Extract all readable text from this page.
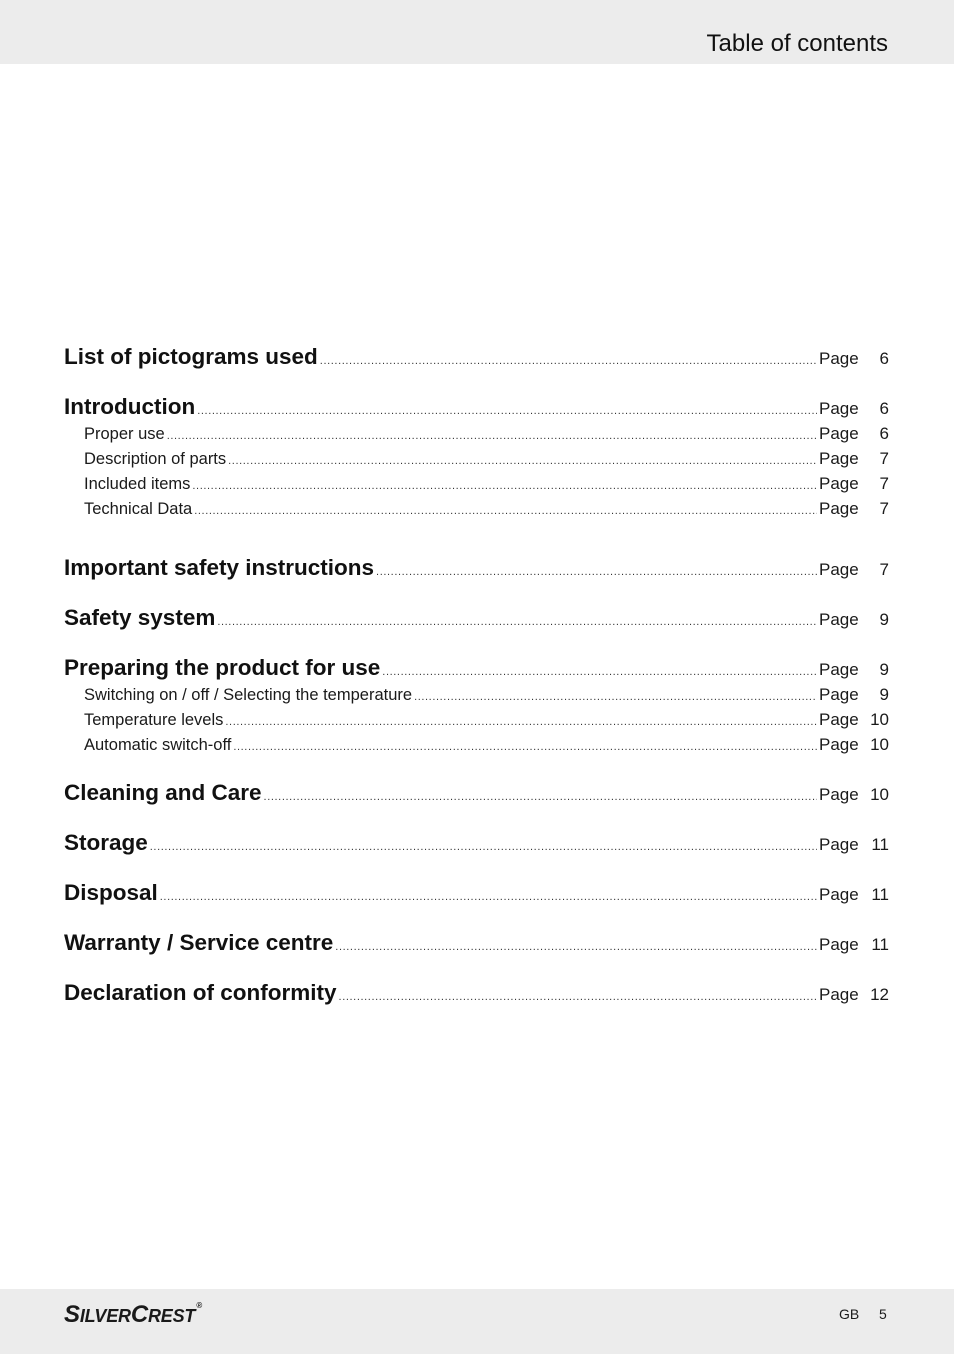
Table of contents
List of pictograms used .....	Page	6
Introduction .....	Page	6
Proper use .....	Page	6
Description of parts .....	Page	7
Included items .....	Page	7
Technical Data .....	Page	7
Important safety instructions .....	Page	7
Safety system .....	Page	9
Preparing the product for use .....	Page	9
Switching on / off / Selecting the temperature .....	Page	9
Temperature levels .....	Page 10
Automatic switch-off .....	Page 10
Cleaning and Care .....	Page 10
Storage .....	Page 11
Disposal .....	Page 11
Warranty / Service centre .....	Page 11
Declaration of conformity .....	Page 12
SILVERCREST®
GB 5
